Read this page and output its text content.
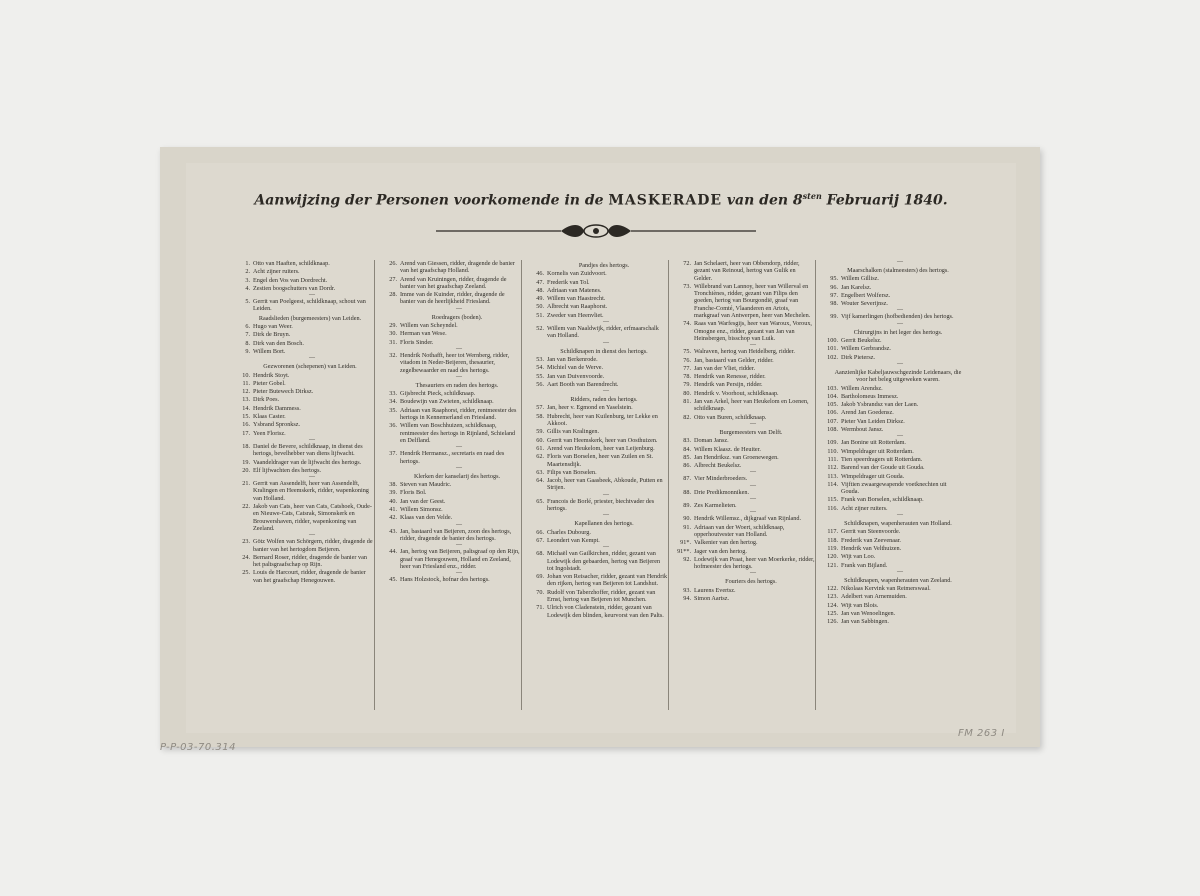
Aanwijzing der Personen voorkomende in de MASKERADE van den $8^{sten}$ Februarij 1840.
1. Otto van Haaften, schildknaap.
2. Acht zijner ruiters.
3. Engel den Vos van Dordrecht.
4. Zestien boogschutters van Dordr.
—
5. Gerrit van Poelgeest, schildknaap, schout van Leiden.
Raadslieden (burgemeesters) van Leiden.
6. Hugo van Weer.
7. Dirk de Bruyn.
8. Dirk van den Bosch.
9. Willem Bort.
—
Gezworenen (schepenen) van Leiden.
10. Hendrik Stoyt.
11. Pieter Gobel.
12. Pieter Butewech Dirksz.
13. Dirk Poes.
14. Hendrik Dammess.
15. Klaas Caster.
16. Ysbrand Spronksz.
17. Yeen Florisz.
—
18. Daniel de Bevere, schildknaap, in dienst des hertogs, bevelhebber van diens lijfwacht.
19. Vaandeldrager van de lijfwacht des hertogs.
20. Elf lijfwachten des hertogs.
—
21. Gerrit van Assendelft, heer van Assendelft, Kralingen en Heemskerk, ridder, wapenkoning van Holland.
22. Jakob van Cats, heer van Cats, Catshoek, Oude- en Nieuwe-Cats, Catsrak, Simonskerk en Brouwershaven, ridder, wapenkoning van Zeeland.
—
23. Götz Wolfen van Schörgern, ridder, dragende de banier van het hertogdom Beijeren.
24. Bernard Roser, ridder, dragende de banier van het paltsgraafschap op Rijn.
25. Louis de Harcourt, ridder, dragende de banier van het graafschap Henegouwen.
26. Arend van Giessen, ridder, dragende de banier van het graafschap Holland.
27. Arend van Kruiningen, ridder, dragende de banier van het graafschap Zeeland.
28. Imme van de Kuinder, ridder, dragende de banier van de heerlijkheid Friesland.
—
Roedragers (boden).
29. Willem van Scheyndel.
30. Herman van Wese.
31. Floris Sinder.
—
32. Hendrik Nothafft, heer tot Wernberg, ridder, vitadom in Neder-Beijeren, thesaurier, zegelbewaarder en raad des hertogs.
—
Thesauriers en raden des hertogs.
33. Gijsbrecht Pieck, schildknaap.
34. Boudewijn van Zwieten, schildknaap.
35. Adriaan van Raaphorst, ridder, rentmeester des hertogs in Kennemerland en Friesland.
36. Willem van Boschhuizen, schildknaap, rentmeester des hertogs in Rijnland, Schieland en Delfland.
—
37. Hendrik Hermansz., secretaris en raad des hertogs.
—
Klerken der kanselarij des hertogs.
38. Steven van Maudric.
39. Floris Bol.
40. Jan van der Geest.
41. Willem Simonsz.
42. Klaas van den Velde.
—
43. Jan, bastaard van Beijeren, zoon des hertogs, ridder, dragende de banier des hertogs.
—
44. Jan, hertog van Beijeren, paltsgraaf op den Rijn, graaf van Henegouwen, Holland en Zeeland, heer van Friesland enz., ridder.
—
45. Hans Holzstock, hofnar des hertogs.
Pandjes des hertogs.
46. Kornelis van Zuidvoort.
47. Frederik van Tol.
48. Adriaan van Matenes.
49. Willem van Haastrecht.
50. Albrecht van Raaphorst.
51. Zweder van Heenvliet.
—
52. Willem van Naaldwijk, ridder, erfmaarschalk van Holland.
—
Schildknapen in dienst des hertogs.
53. Jan van Berkenrode.
54. Michiel van de Werve.
55. Jan van Duivenvoorde.
56. Aart Booth van Barendrecht.
—
Ridders, raden des hertogs.
57. Jan, heer v. Egmond en Yaselstein.
58. Hubrecht, heer van Kuilenburg, ter Lekke en Akkooi.
59. Gillis van Kralingen.
60. Gerrit van Heemskerk, heer van Oosthuizen.
61. Arend van Heukelom, heer van Leijenburg.
62. Floris van Borselen, heer van Zuilen en St. Maartensdijk.
63. Filips van Borselen.
64. Jacob, heer van Gaasbeek, Abkoude, Putten en Strijen.
—
65. Francois de Borlé, priester, biechtvader des hertogs.
—
Kapellanen des hertogs.
66. Charles Dubourg.
67. Leondert van Kempt.
—
68. Michaël van Gailkirchen, ridder, gezant van Lodewijk den gebaarden, hertog van Beijeren tot Ingolstadt.
69. Johan von Reisacher, ridder, gezant van Hendrik den rijken, hertog van Beijeren tot Landshut.
70. Rudolf von Taberzhoffer, ridder, gezant van Ernst, hertog van Beijeren tot Munchen.
71. Ulrich von Cladenstein, ridder, gezant van Lodewijk den blinden, keurvorst van den Palts.
72. Jan Schelaert, heer van Obbendorp, ridder, gezant van Reinoud, hertog van Gulik en Gelder.
73. Willebrand van Lannoy, heer van Willerval en Tronchiènes, ridder, gezant van Filips den goeden, hertog van Bourgondië, graaf van Franche-Comté, Vlaanderen en Artois, markgraaf van Antwerpen, heer van Mechelen.
74. Raas van Warfesgijs, heer van Waroux, Voroux, Omogne enz., ridder, gezant van Jan van Heinsbergen, bisschop van Luik.
—
75. Walraven, hertog van Heidelberg, ridder.
76. Jan, bastaard van Gelder, ridder.
77. Jan van der Vliet, ridder.
78. Hendrik van Renesse, ridder.
79. Hendrik van Persijn, ridder.
80. Hendrik v. Voorhout, schildknaap.
81. Jan van Arkel, heer van Heukelom en Loenen, schildknaap.
82. Otto van Buren, schildknaap.
—
Burgemeesters van Delft.
83. Doman Jansz.
84. Willem Klaasz. de Heuiter.
85. Jan Hendriksz. van Groenewegen.
86. Albrecht Beukelsz.
—
87. Vier Minderbroeders.
—
88. Drie Predikmonniken.
—
89. Zes Karmelieten.
—
90. Hendrik Willemsz., dijkgraaf van Rijnland.
91. Adriaan van der Woert, schildknaap, opperhoutvester van Holland.
91*. Valkenier van den hertog.
91**. Jager van den hertog.
92. Lodewijk van Praat, heer van Moerkerke, ridder, hofmeester des hertogs.
—
Fouriers des hertogs.
93. Laurens Evertsz.
94. Simon Aartsz.
—
Maarschalken (stalmeesters) des hertogs.
95. Willem Gillisz.
96. Jan Karelsz.
97. Engelbert Wolfersz.
98. Wouter Severijnsz.
—
99. Vijf kamerlingen (hofbedienden) des hertogs.
—
Chirurgijns in het leger des hertogs.
100. Gerrit Beukelsz.
101. Willem Gerbrandsz.
102. Dirk Pietersz.
—
Aanzienlijke Kabeljauwschgezinde Leidenaars, die voor het beleg uitgeweken waren.
103. Willem Arendsz.
104. Bartholomeus Immesz.
105. Jakob Ysbrandsz van der Laen.
106. Arend Jan Goedensz.
107. Pieter Van Leiden Dirksz.
108. Wermbout Jansz.
—
109. Jan Bonine uit Rotterdam.
110. Wimpeldrager uit Rotterdam.
111. Tien speerdragers uit Rotterdam.
112. Barend van der Goude uit Gouda.
113. Wimpeldrager uit Gouda.
114. Vijftien zwaargewapende voetknechten uit Gouda.
115. Frank van Borselen, schildknaap.
116. Acht zijner ruiters.
—
Schildknapen, wapenherauten van Holland.
117. Gerrit van Steenvoorde.
118. Frederik van Zeevenaar.
119. Hendrik van Velthuizen.
120. Wijt van Loo.
121. Frank van Bijland.
—
Schildknapen, wapenherauten van Zeeland.
122. Nikolaas Kervink van Reimerswaal.
123. Adelbert van Arnemuiden.
124. Wijt van Blois.
125. Jan van Wenoelingen.
126. Jan van Sabbingen.
P-P-03-70.314
FM 263 I
